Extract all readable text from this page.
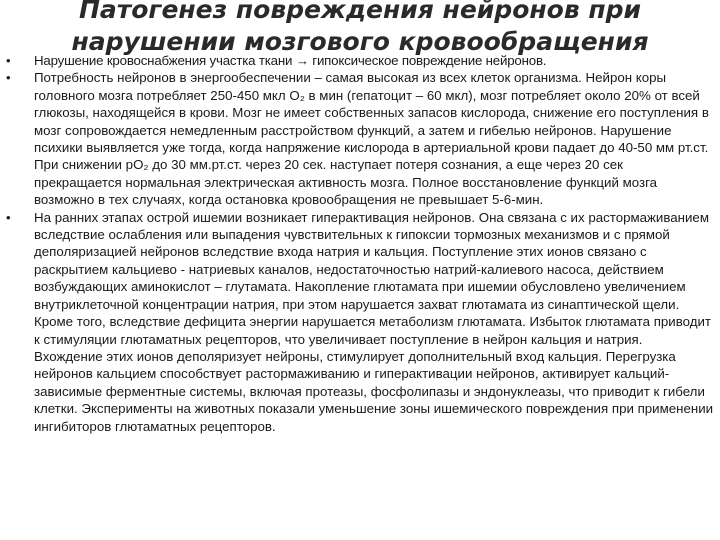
Патогенез повреждения нейронов при
нарушении мозгового кровообращения
• Нарушение кровоснабжения участка ткани → гипоксическое повреждение нейронов.
• Потребность нейронов в энергообеспечении – самая высокая из всех клеток организма. Нейрон коры головного мозга потребляет 250-450 мкл O₂ в мин (гепатоцит – 60 мкл), мозг потребляет около 20% от всей глюкозы, находящейся в крови. Мозг не имеет собственных запасов кислорода, снижение его поступления в мозг сопровождается немедленным расстройством функций, а затем и гибелью нейронов. Нарушение психики выявляется уже тогда, когда напряжение кислорода в артериальной крови падает до 40-50 мм рт.ст. При снижении pO₂ до 30 мм.рт.ст. через 20 сек. наступает потеря сознания, а еще через 20 сек прекращается нормальная электрическая активность мозга. Полное восстановление функций мозга возможно в тех случаях, когда остановка кровообращения не превышает 5-6-мин.
• На ранних этапах острой ишемии возникает гиперактивация нейронов. Она связана с их растормаживанием вследствие ослабления или выпадения чувствительных к гипоксии тормозных механизмов и с прямой деполяризацией нейронов вследствие входа натрия и кальция. Поступление этих ионов связано с раскрытием кальциево - натриевых каналов, недостаточностью натрий-калиевого насоса, действием возбуждающих аминокислот – глутамата. Накопление глютамата при ишемии обусловлено увеличением внутриклеточной концентрации натрия, при этом нарушается захват глютамата из синаптической щели. Кроме того, вследствие дефицита энергии нарушается метаболизм глютамата. Избыток глютамата приводит к стимуляции глютаматных рецепторов, что увеличивает поступление в нейрон кальция и натрия. Вхождение этих ионов деполяризует нейроны, стимулирует дополнительный вход кальция. Перегрузка нейронов кальцием способствует растормаживанию и гиперактивации нейронов, активирует кальций-зависимые ферментные системы, включая протеазы, фосфолипазы и эндонуклеазы, что приводит к гибели клетки. Эксперименты на животных показали уменьшение зоны ишемического повреждения при применении ингибиторов глютаматных рецепторов.
